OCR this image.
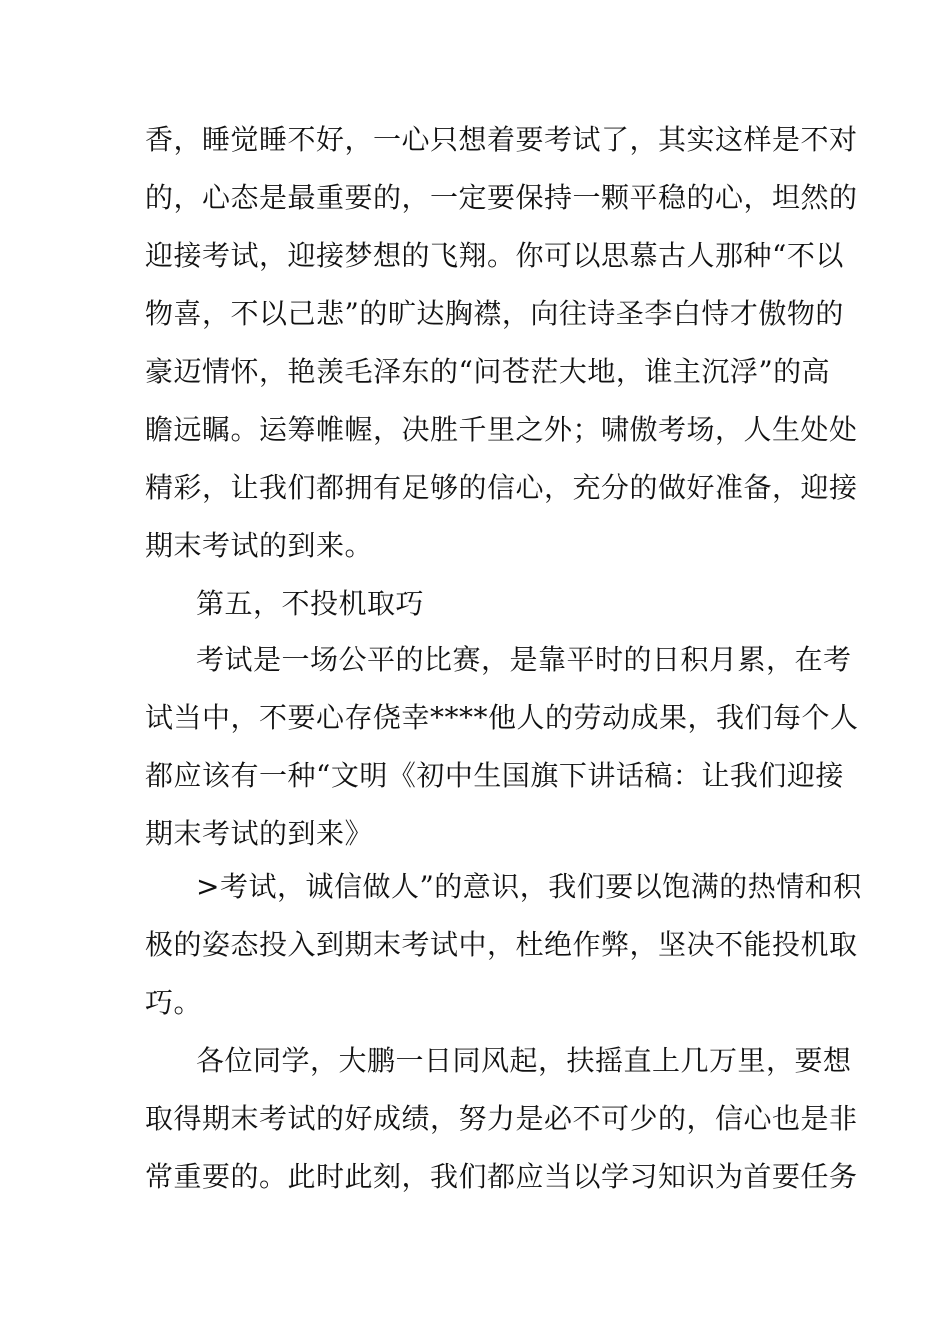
香，睡觉睡不好，一心只想着要考试了，其实这样是不对
的，心态是最重要的，一定要保持一颗平稳的心，坦然的
迎接考试，迎接梦想的飞翔。你可以思慕古人那种“不以
物喜，不以己悲”的旷达胸襟，向往诗圣李白恃才傲物的
豪迈情怀，艳羡毛泽东的“问苍茫大地，谁主沉浮”的高
瞻远瞩。运筹帷幄，决胜千里之外；啸傲考场，人生处处
精彩，让我们都拥有足够的信心，充分的做好准备，迎接
期末考试的到来。
第五，不投机取巧
考试是一场公平的比赛，是靠平时的日积月累，在考
试当中，不要心存侥幸****他人的劳动成果，我们每个人
都应该有一种“文明《初中生国旗下讲话稿：让我们迎接
期末考试的到来》
>考试，诚信做人”的意识，我们要以饱满的热情和积
极的姿态投入到期末考试中，杜绝作弊，坚决不能投机取
巧。
各位同学，大鹏一日同风起，扶摇直上几万里，要想
取得期末考试的好成绩，努力是必不可少的，信心也是非
常重要的。此时此刻，我们都应当以学习知识为首要任务
